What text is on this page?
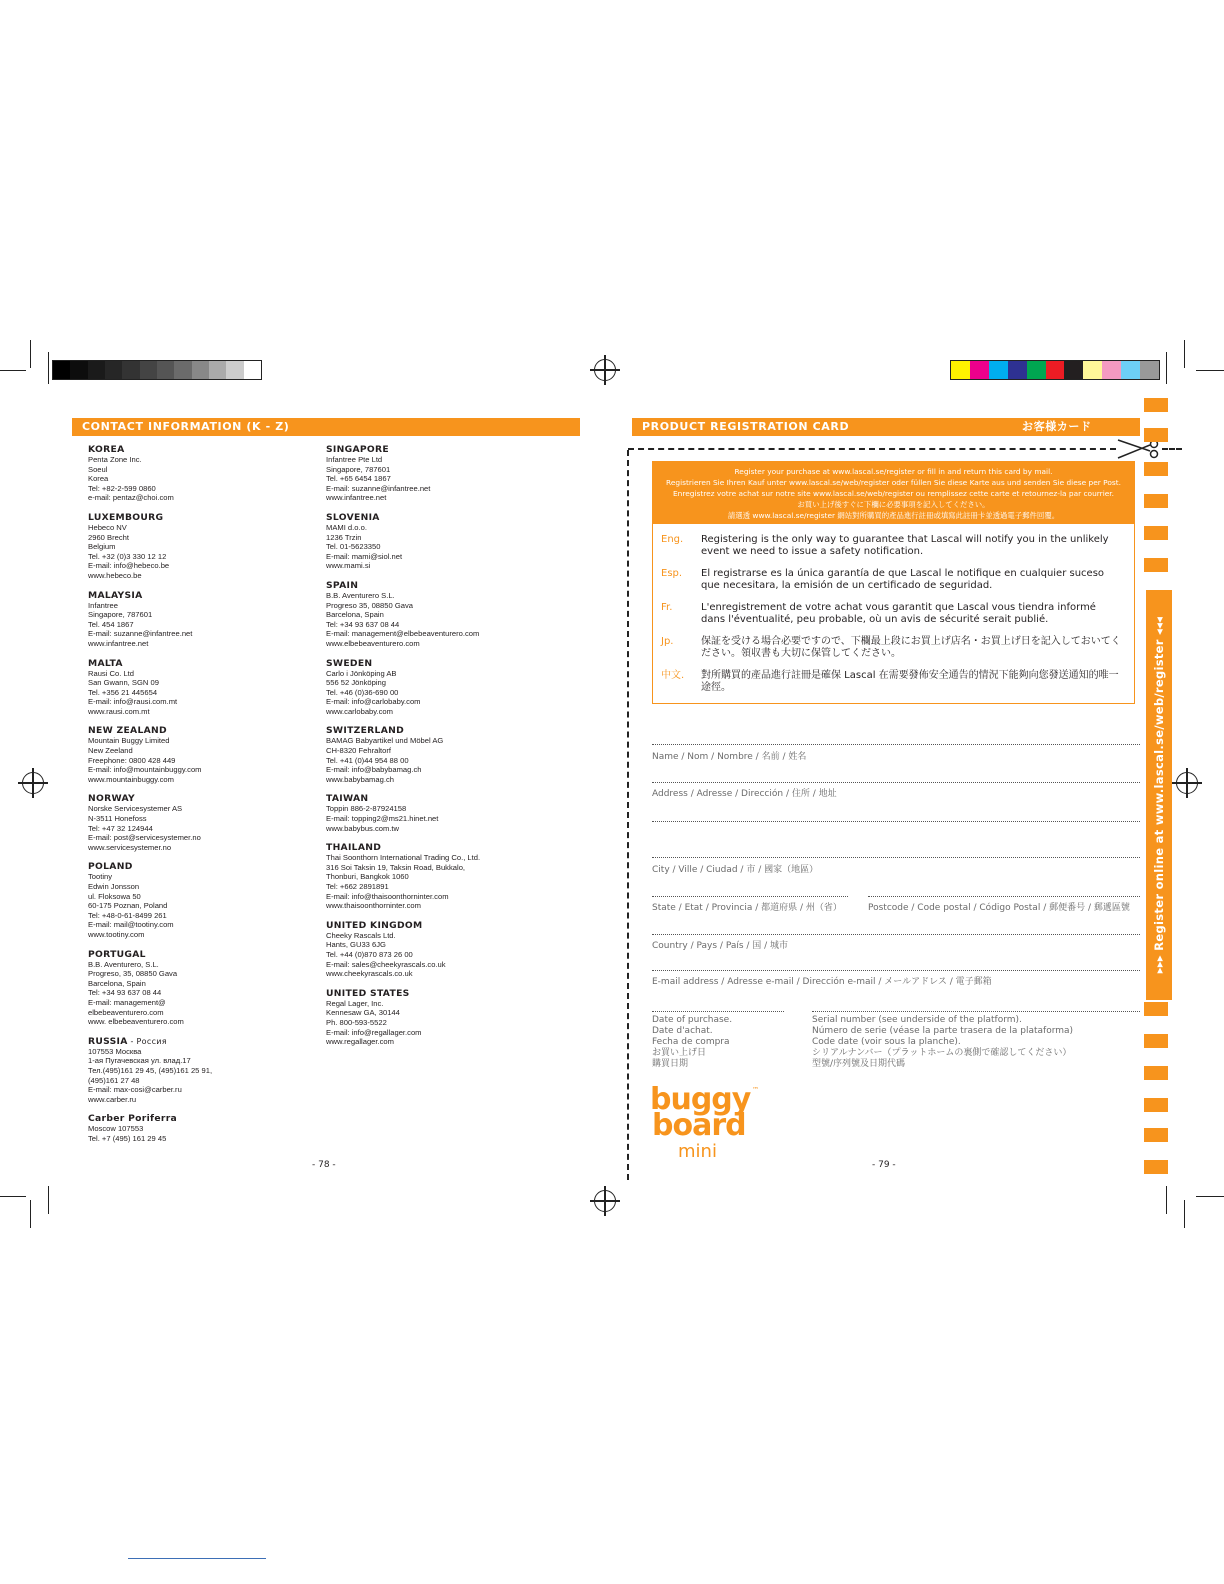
CONTACT INFORMATION (K - Z)
KOREA
Penta Zone Inc.
Soeul
Korea
Tel: +82-2-599 0860
e-mail: pentaz@choi.com
LUXEMBOURG
Hebeco NV
2960 Brecht
Belgium
Tel. +32 (0)3 330 12 12
E-mail: info@hebeco.be
www.hebeco.be
MALAYSIA
Infantree
Singapore, 787601
Tel. 454 1867
E-mail: suzanne@infantree.net
www.infantree.net
MALTA
Rausi Co. Ltd
San Gwann, SGN 09
Tel. +356 21 445654
E-mail: info@rausi.com.mt
www.rausi.com.mt
NEW ZEALAND
Mountain Buggy Limited
New Zeeland
Freephone: 0800 428 449
E-mail: info@mountainbuggy.com
www.mountainbuggy.com
NORWAY
Norske Servicesystemer AS
N-3511 Honefoss
Tel: +47 32 124944
E-mail: post@servicesystemer.no
www.servicesystemer.no
POLAND
Tootiny
Edwin Jonsson
ul. Floksowa 50
60-175 Poznan, Poland
Tel: +48-0-61-8499 261
E-mail: mail@tootiny.com
www.tootiny.com
PORTUGAL
B.B. Aventurero, S.L.
Progreso, 35, 08850 Gava
Barcelona, Spain
Tel: +34 93 637 08 44
E-mail: management@
elbebeaventurero.com
www. elbebeaventurero.com
RUSSIA - Россия
107553 Москва
1-ая Пугачевская ул. влад.17
Тел.(495)161 29 45, (495)161 25 91,
(495)161 27 48
E-mail: max-cosi@carber.ru
www.carber.ru
Carber Poriferra
Moscow 107553
Tel. +7 (495) 161 29 45
SINGAPORE
Infantree Pte Ltd
Singapore, 787601
Tel. +65 6454 1867
E-mail: suzanne@infantree.net
www.infantree.net
SLOVENIA
MAMI d.o.o.
1236 Trzin
Tel. 01-5623350
E-mail: mami@siol.net
www.mami.si
SPAIN
B.B. Aventurero S.L.
Progreso 35, 08850 Gava
Barcelona, Spain
Tel: +34 93 637 08 44
E-mail: management@elbebeaventurero.com
www.elbebeaventurero.com
SWEDEN
Carlo i Jönköping AB
556 52 Jönköping
Tel. +46 (0)36-690 00
E-mail: info@carlobaby.com
www.carlobaby.com
SWITZERLAND
BAMAG Babyartikel und Möbel AG
CH-8320 Fehraltorf
Tel. +41 (0)44 954 88 00
E-mail: info@babybamag.ch
www.babybamag.ch
TAIWAN
Toppin 886-2-87924158
E-mail: topping2@ms21.hinet.net
www.babybus.com.tw
THAILAND
Thai Soonthorn International Trading Co., Ltd.
316 Soi Taksin 19, Taksin Road, Bukkalo,
Thonburi, Bangkok 1060
Tel: +662 2891891
E-mail: info@thaisoonthorninter.com
www.thaisoonthorninter.com
UNITED KINGDOM
Cheeky Rascals Ltd.
Hants, GU33 6JG
Tel. +44 (0)870 873 26 00
E-mail: sales@cheekyrascals.co.uk
www.cheekyrascals.co.uk
UNITED STATES
Regal Lager, Inc.
Kennesaw GA, 30144
Ph. 800-593-5522
E-mail: info@regallager.com
www.regallager.com
- 78 -
PRODUCT REGISTRATION CARD	お客様カード
Register your purchase at www.lascal.se/register or fill in and return this card by mail.
Registrieren Sie Ihren Kauf unter www.lascal.se/web/register oder füllen Sie diese Karte aus und senden Sie diese per Post.
Enregistrez votre achat sur notre site www.lascal.se/web/register ou remplissez cette carte et retournez-la par courrier.
お買い上げ後すぐに下欄に必要事項を記入してください。
請選透 www.lascal.se/register 網站對所購買的產品進行註冊或填寫此註冊卡並透過電子郵件回覆。
Eng. Registering is the only way to guarantee that Lascal will notify you in the unlikely event we need to issue a safety notification.
Esp. El registrarse es la única garantía de que Lascal le notifique en cualquier suceso que necesitara, la emisión de un certificado de seguridad.
Fr.	L'enregistrement de votre achat vous garantit que Lascal vous tiendra informé dans l'éventualité, peu probable, où un avis de sécurité serait publié.
Jp.	保証を受ける場合必要ですので、下欄最上段にお買上げ店名・お買上げ日を記入しておいてください。領収書も大切に保管してください。
中文. 對所購買的產品進行註冊是確保 Lascal 在需要發佈安全通告的情況下能夠向您發送通知的唯一途徑。
Name / Nom / Nombre / 名前 / 姓名
Address / Adresse / Dirección / 住所 / 地址
City / Ville / Ciudad / 市 / 國家（地區）
State / Etat / Provincia / 都道府県 / 州（省）	Postcode / Code postal / Código Postal / 郵便番号 / 郵遞區號
Country / Pays / País / 国 / 城市
E-mail address / Adresse e-mail / Dirección e-mail / メールアドレス / 電子郵箱
Date of purchase.
Date d'achat.
Fecha de compra
お買い上げ日
購買日期
Serial number (see underside of the platform).
Número de serie (véase la parte trasera de la plataforma)
Code date (voir sous la planche).
シリアルナンバー（プラットホームの裏側で確認してください）
型號/序列號及日期代碼
buggy ™
board
mini
- 79 -
▸▸▸ Register online at www.lascal.se/web/register ◂◂◂
